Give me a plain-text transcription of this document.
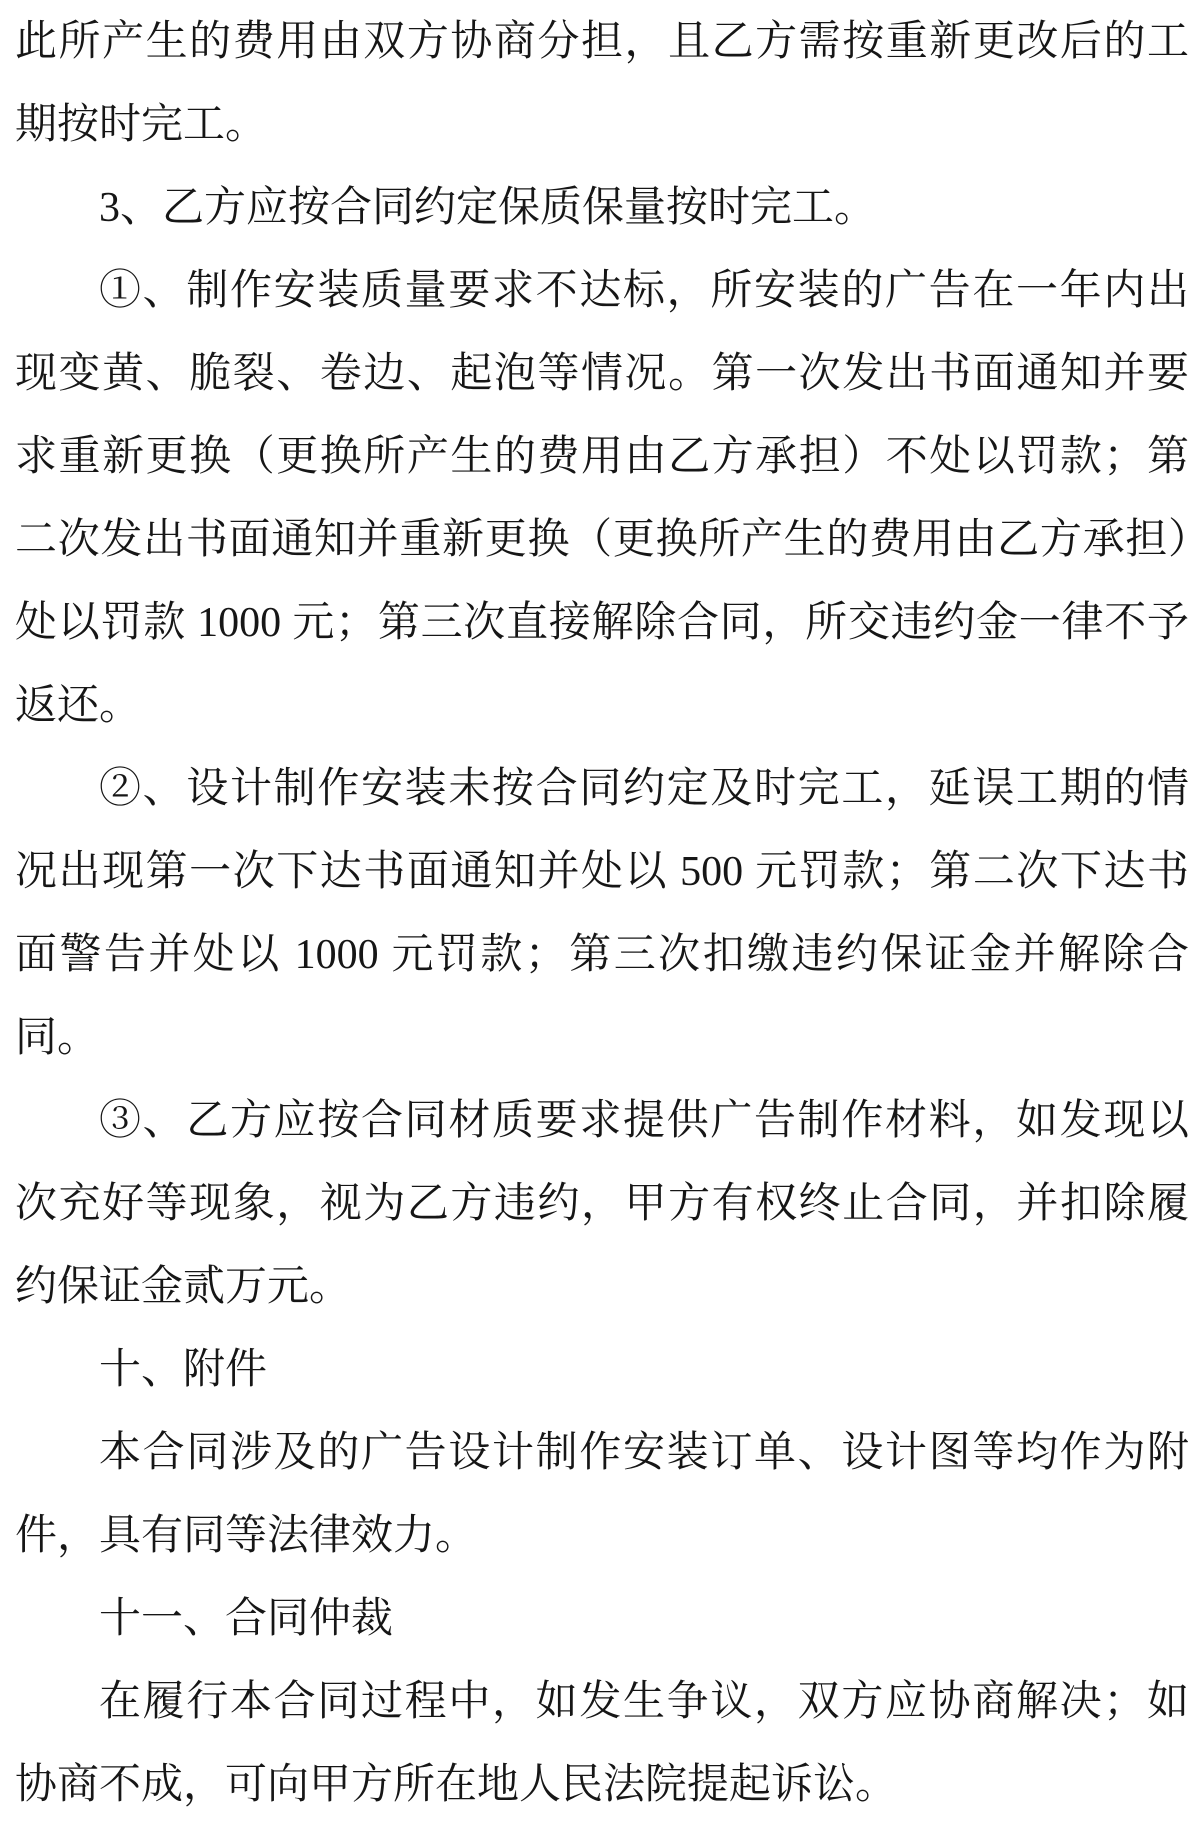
此所产生的费用由双方协商分担，且乙方需按重新更改后的工期按时完工。

3、乙方应按合同约定保质保量按时完工。

①、制作安装质量要求不达标，所安装的广告在一年内出现变黄、脆裂、卷边、起泡等情况。第一次发出书面通知并要求重新更换（更换所产生的费用由乙方承担）不处以罚款；第二次发出书面通知并重新更换（更换所产生的费用由乙方承担）处以罚款 1000 元；第三次直接解除合同，所交违约金一律不予返还。

②、设计制作安装未按合同约定及时完工，延误工期的情况出现第一次下达书面通知并处以 500 元罚款；第二次下达书面警告并处以 1000 元罚款；第三次扣缴违约保证金并解除合同。

③、乙方应按合同材质要求提供广告制作材料，如发现以次充好等现象，视为乙方违约，甲方有权终止合同，并扣除履约保证金贰万元。

十、附件

本合同涉及的广告设计制作安装订单、设计图等均作为附件，具有同等法律效力。

十一、合同仲裁

在履行本合同过程中，如发生争议，双方应协商解决；如协商不成，可向甲方所在地人民法院提起诉讼。
